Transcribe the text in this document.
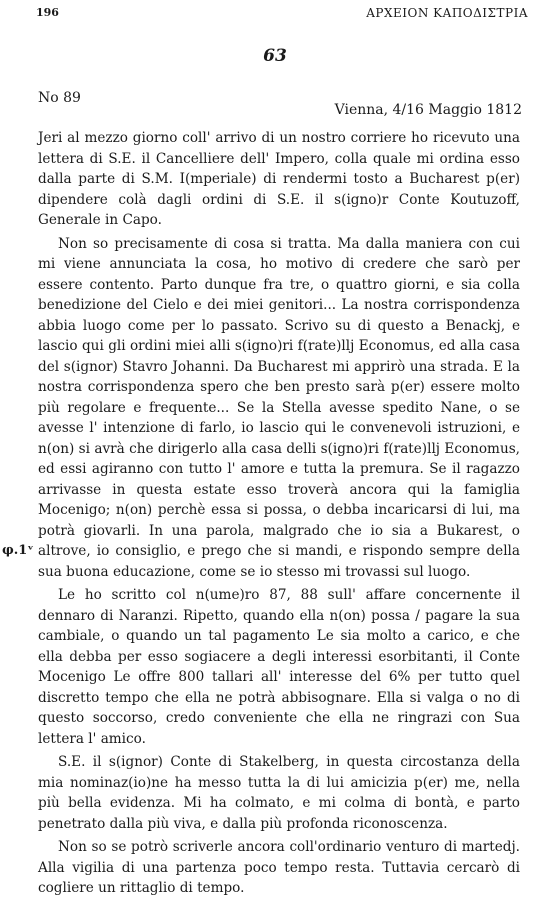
196	ΑΡΧΕΙΟΝ ΚΑΠΟΔΙΣΤΡΙΑ
63
No 89
Vienna, 4/16 Maggio 1812
φ.1ᵛ

Jeri al mezzo giorno coll' arrivo di un nostro corriere ho ricevuto una lettera di S.E. il Cancelliere dell' Impero, colla quale mi ordina esso dalla parte di S.M. I(mperiale) di rendermi tosto a Bucharest p(er) dipendere colà dagli ordini di S.E. il s(igno)r Conte Koutuzoff, Generale in Capo.

Non so precisamente di cosa si tratta. Ma dalla maniera con cui mi viene annunciata la cosa, ho motivo di credere che sarò per essere contento. Parto dunque fra tre, o quattro giorni, e sia colla benedizione del Cielo e dei miei genitori... La nostra corrispondenza abbia luogo come per lo passato. Scrivo su di questo a Benackj, e lascio qui gli ordini miei alli s(igno)ri f(rate)llj Economus, ed alla casa del s(ignor) Stavro Johanni. Da Bucharest mi apprirò una strada. E la nostra corrispondenza spero che ben presto sarà p(er) essere molto più regolare e frequente... Se la Stella avesse spedito Nane, o se avesse l' intenzione di farlo, io lascio qui le convenevoli istruzioni, e n(on) si avrà che dirigerlo alla casa delli s(igno)ri f(rate)llj Economus, ed essi agiranno con tutto l' amore e tutta la premura. Se il ragazzo arrivasse in questa estate esso troverà ancora qui la famiglia Mocenigo; n(on) perchè essa si possa, o debba incaricarsi di lui, ma potrà giovarli. In una parola, malgrado che io sia a Bukarest, o altrove, io consiglio, e prego che si mandi, e rispondo sempre della sua buona educazione, come se io stesso mi trovassi sul luogo.

Le ho scritto col n(ume)ro 87, 88 sull' affare concernente il dennaro di Naranzi. Ripetto, quando ella n(on) possa / pagare la sua cambiale, o quando un tal pagamento Le sia molto a carico, e che ella debba per esso sogiacere a degli interessi esorbitanti, il Conte Mocenigo Le offre 800 tallari all' interesse del 6% per tutto quel discretto tempo che ella ne potrà abbisognare. Ella si valga o no di questo soccorso, credo conveniente che ella ne ringrazi con Sua lettera l' amico.

S.E. il s(ignor) Conte di Stakelberg, in questa circostanza della mia nominaz(io)ne ha messo tutta la di lui amicizia p(er) me, nella più bella evidenza. Mi ha colmato, e mi colma di bontà, e parto penetrato dalla più viva, e dalla più profonda riconoscenza.

Non so se potrò scriverle ancora coll'ordinario venturo di martedj. Alla vigilia di una partenza poco tempo resta. Tuttavia cercarò di cogliere un rittaglio di tempo.
